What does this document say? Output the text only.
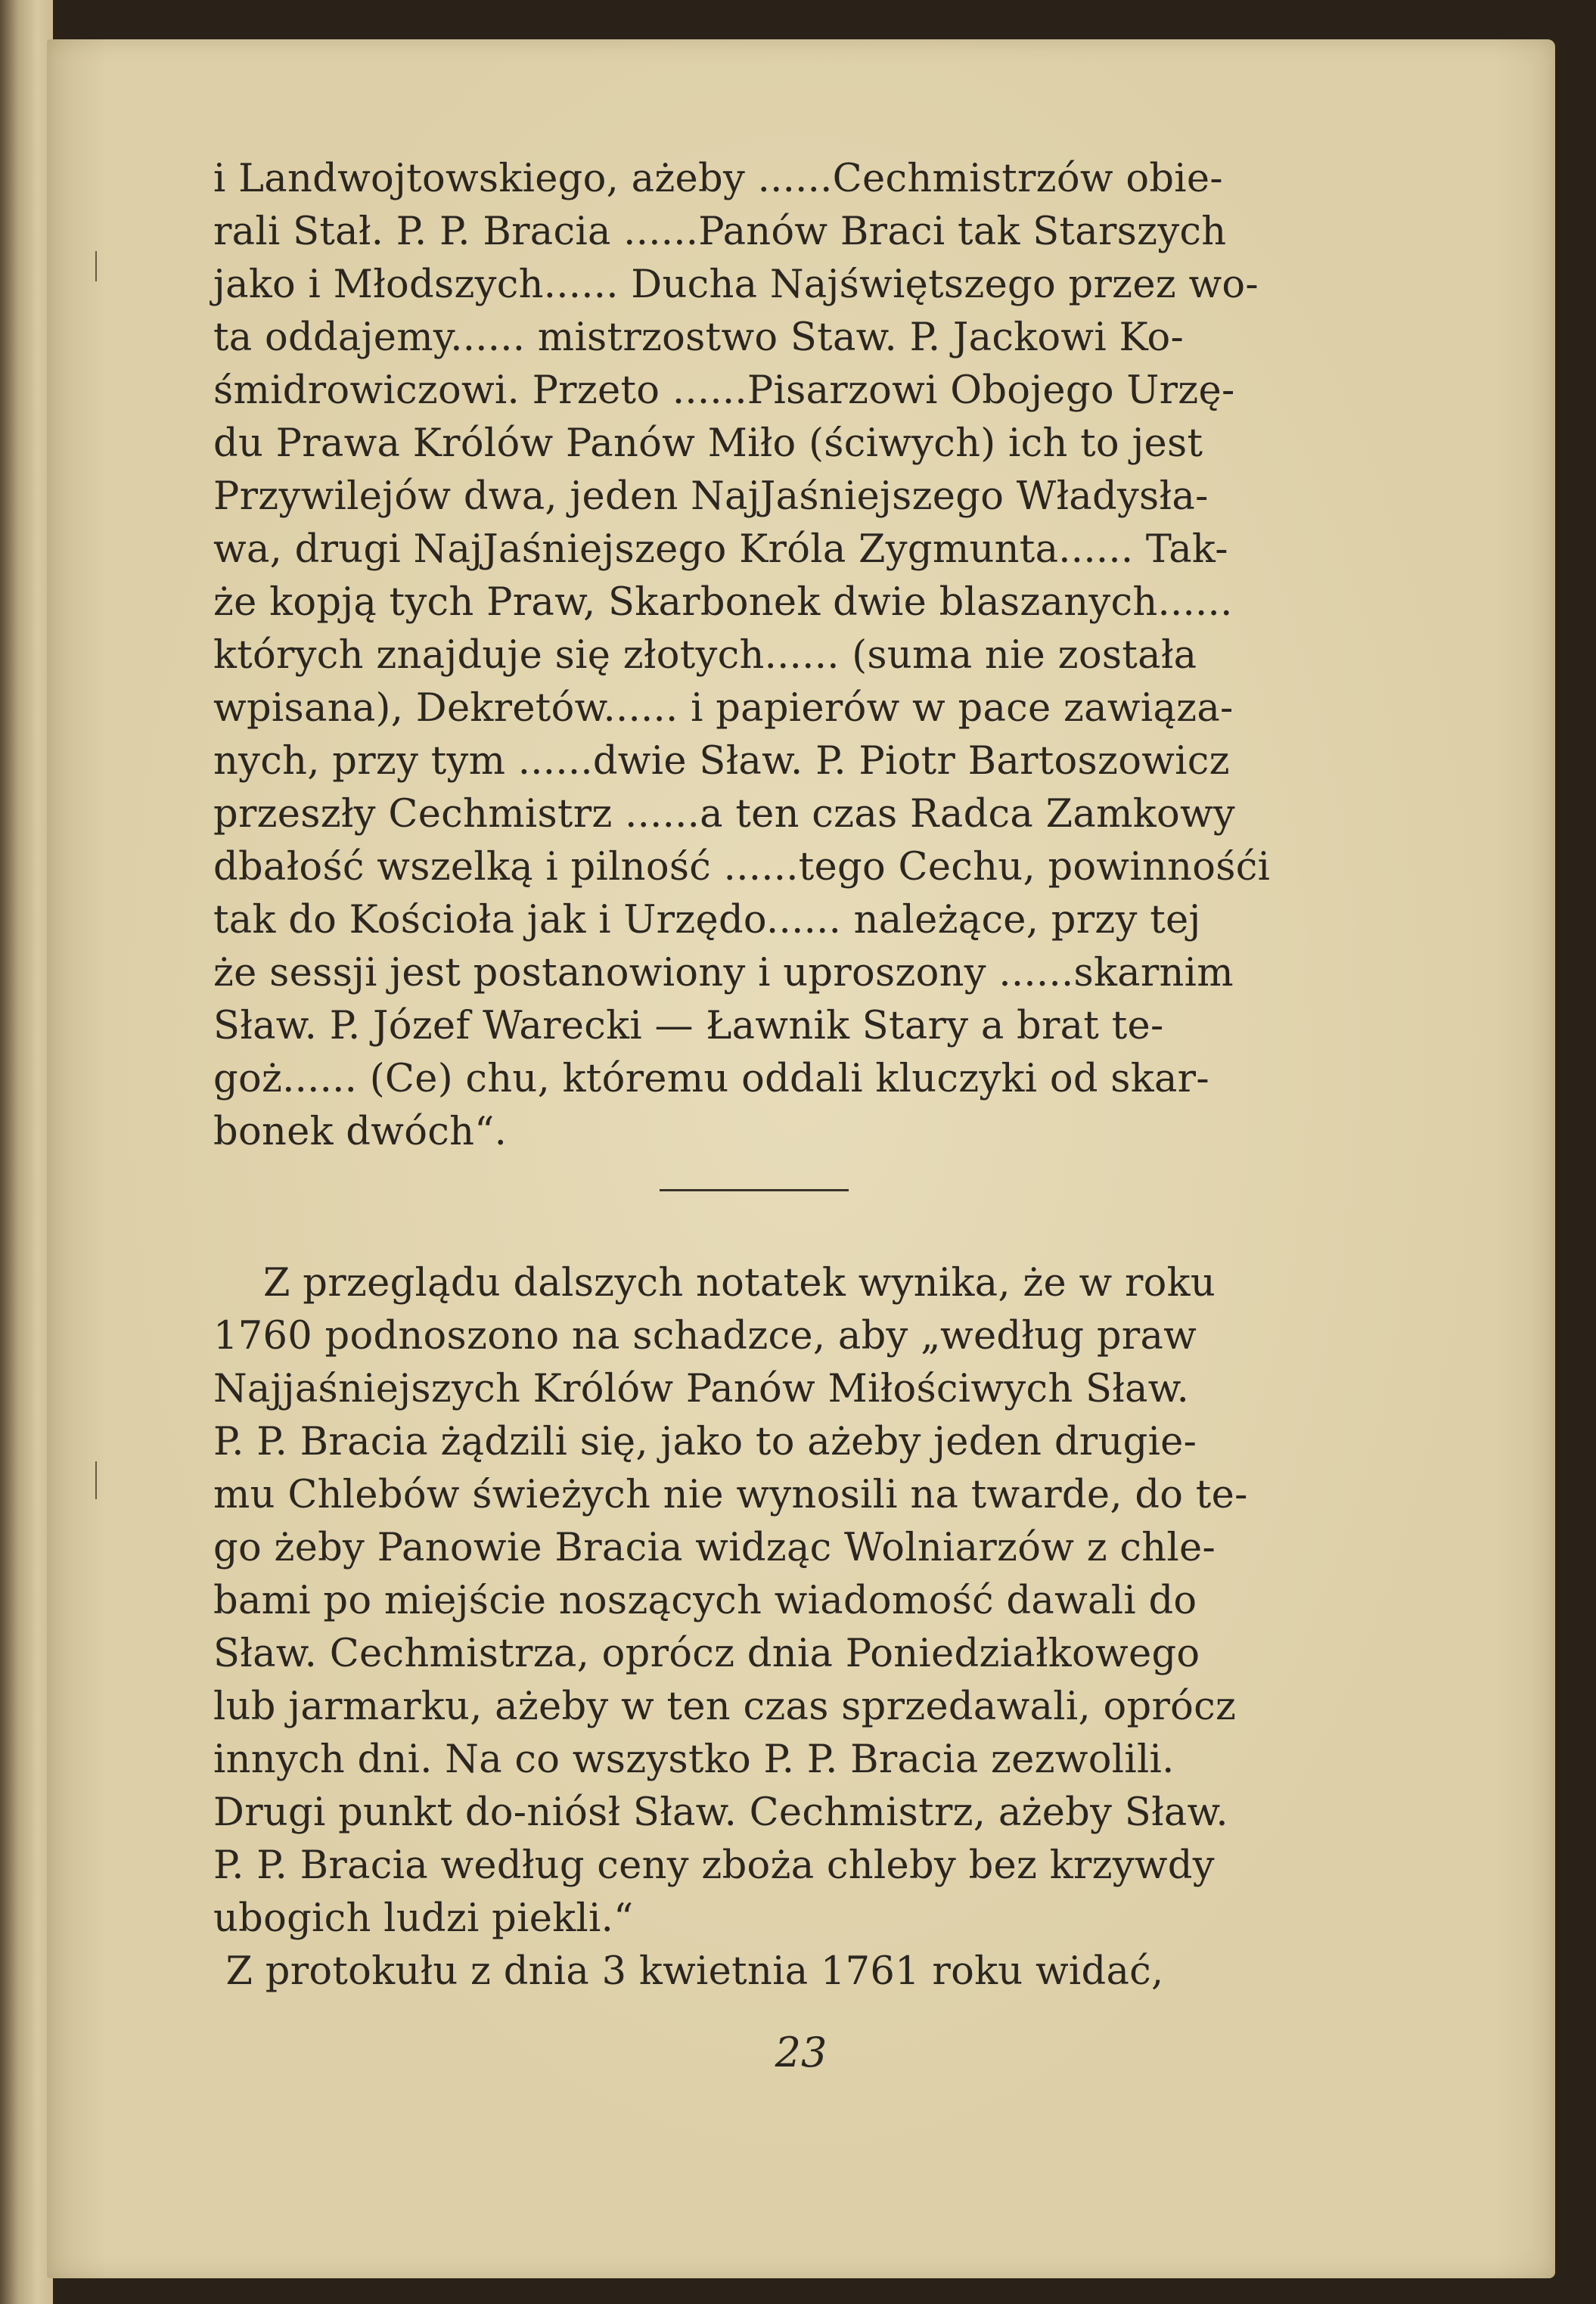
i Landwojtowskiego, ażeby ......Cechmistrzów obie-
rali Stał. P. P. Bracia ......Panów Braci tak Starszych
jako i Młodszych...... Ducha Najświętszego przez wo-
ta oddajemy...... mistrzostwo Staw. P. Jackowi Ko-
śmidrowiczowi. Przeto ......Pisarzowi Obojego Urzę-
du Prawa Królów Panów Miło (ściwych) ich to jest
Przywilejów dwa, jeden NajJaśniejszego Władysła-
wa, drugi NajJaśniejszego Króla Zygmunta...... Tak-
że kopją tych Praw, Skarbonek dwie blaszanych......
których znajduje się złotych...... (suma nie została
wpisana), Dekretów...... i papierów w pace zawiąza-
nych, przy tym ......dwie Sław. P. Piotr Bartoszowicz
przeszły Cechmistrz ......a ten czas Radca Zamkowy
dbałość wszelką i pilność ......tego Cechu, powinnośći
tak do Kościoła jak i Urzędo...... należące, przy tej
że sessji jest postanowiony i uproszony ......skarnim
Sław. P. Józef Warecki — Ławnik Stary a brat te-
goż...... (Ce) chu, któremu oddali kluczyki od skar-
bonek dwóch“.
Z przeglądu dalszych notatek wynika, że w roku
1760 podnoszono na schadzce, aby „według praw
Najjaśniejszych Królów Panów Miłościwych Sław.
P. P. Bracia żądzili się, jako to ażeby jeden drugie-
mu Chlebów świeżych nie wynosili na twarde, do te-
go żeby Panowie Bracia widząc Wolniarzów z chle-
bami po miejście noszących wiadomość dawali do
Sław. Cechmistrza, oprócz dnia Poniedziałkowego
lub jarmarku, ażeby w ten czas sprzedawali, oprócz
innych dni. Na co wszystko P. P. Bracia zezwolili.
Drugi punkt do-niósł Sław. Cechmistrz, ażeby Sław.
P. P. Bracia według ceny zboża chleby bez krzywdy
ubogich ludzi piekli.“
Z protokułu z dnia 3 kwietnia 1761 roku widać,
23
